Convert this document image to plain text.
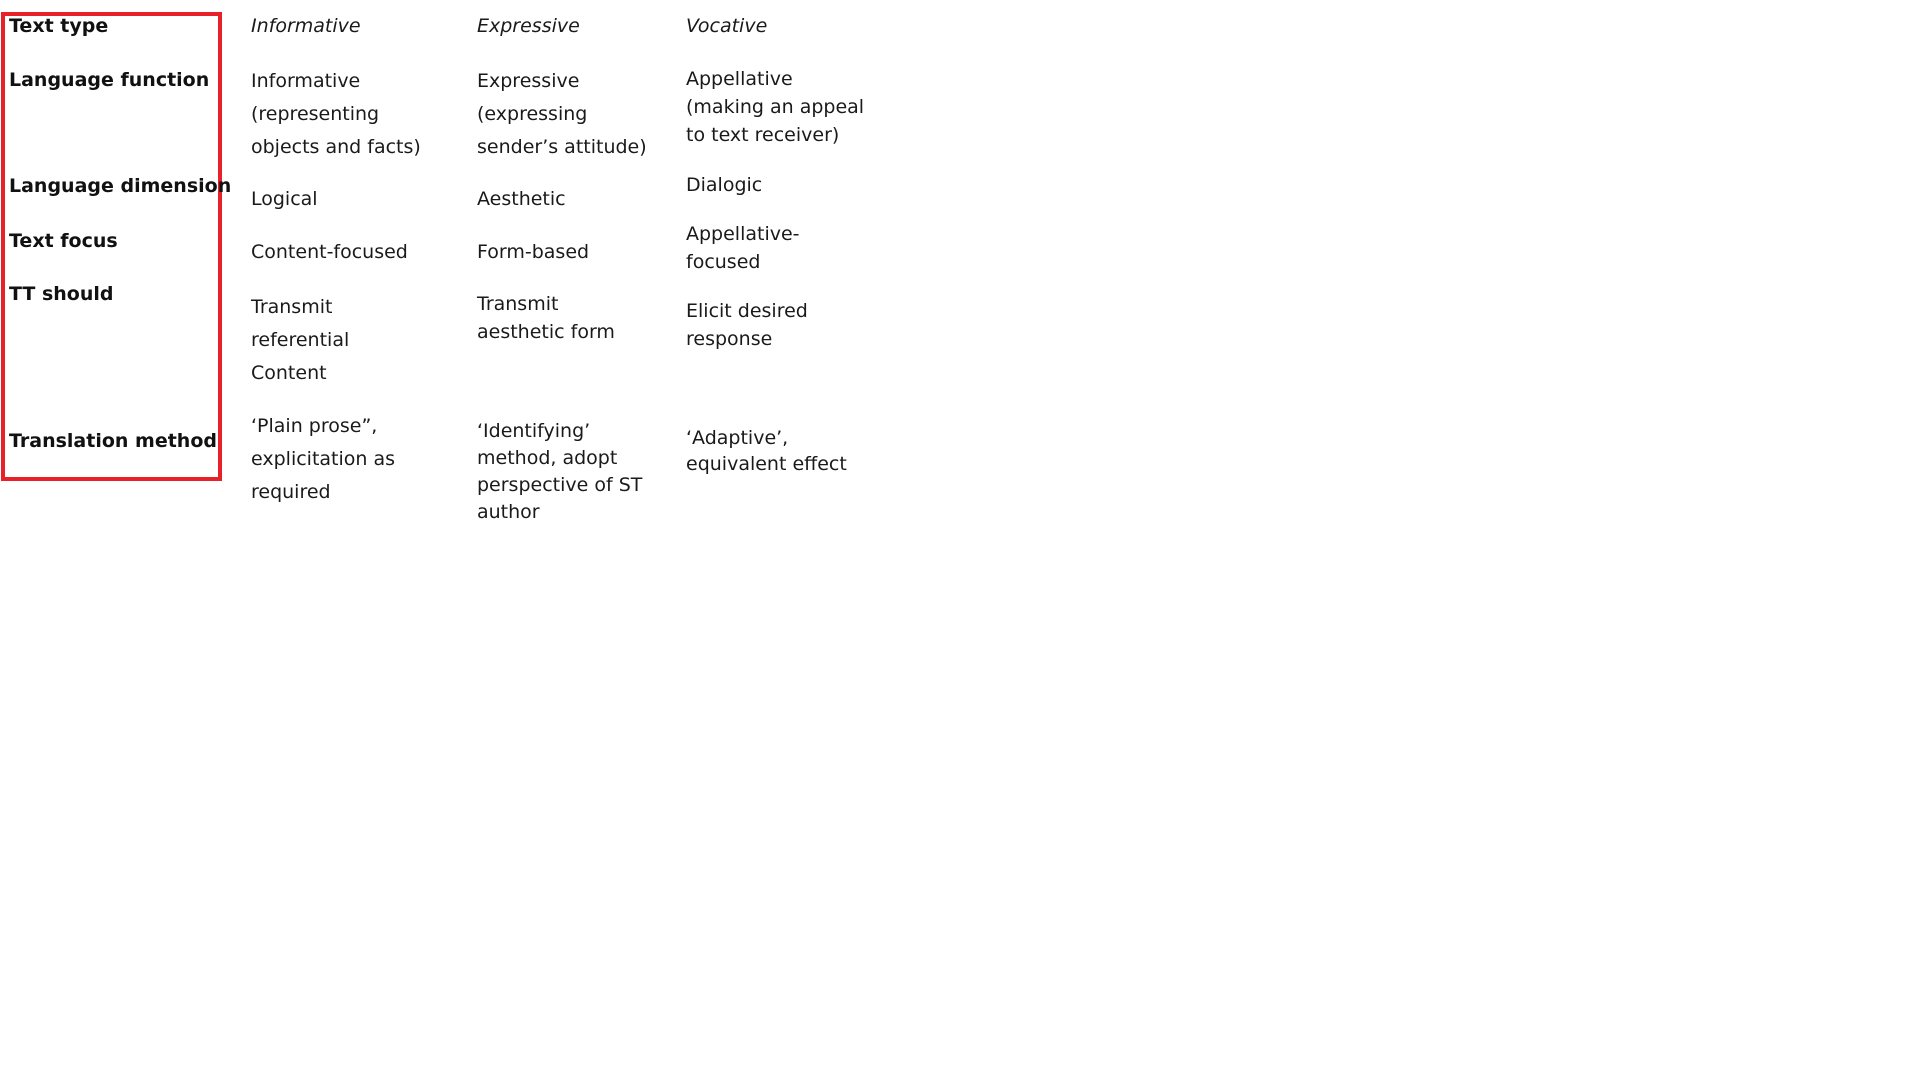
Text type
Language function
Language dimension
Text focus
TT should
Translation method
Informative
Informative
(representing
objects and facts)
Logical
Content-focused
Transmit
referential
Content
‘Plain prose”,
explicitation as
required
Expressive
Expressive
(expressing
sender’s attitude)
Aesthetic
Form-based
Transmit
aesthetic form
‘Identifying’
method, adopt
perspective of ST
author
Vocative
Appellative
(making an appeal
to text receiver)
Dialogic
Appellative-
focused
Elicit desired
response
‘Adaptive’,
equivalent effect
